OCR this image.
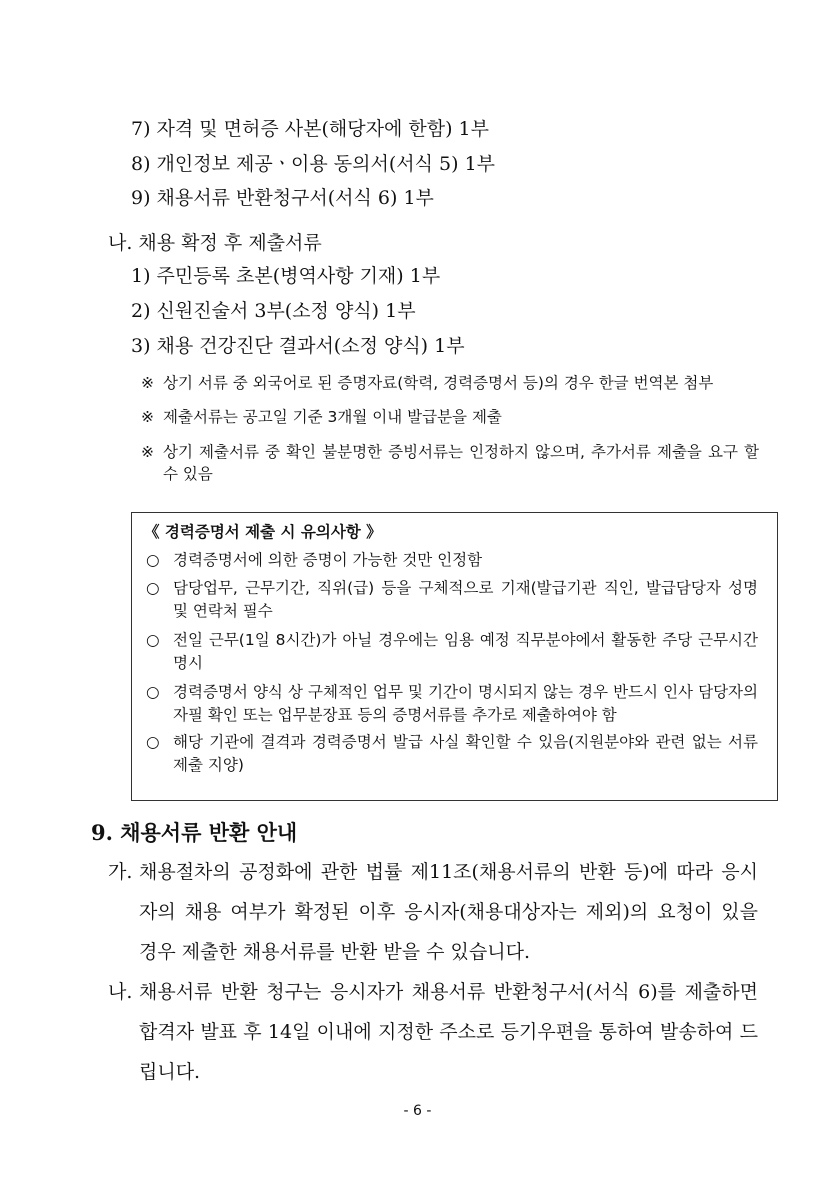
7) 자격 및 면허증 사본(해당자에 한함) 1부
8) 개인정보 제공ㆍ이용 동의서(서식 5) 1부
9) 채용서류 반환청구서(서식 6) 1부
나. 채용 확정 후 제출서류
1) 주민등록 초본(병역사항 기재) 1부
2) 신원진술서 3부(소정 양식) 1부
3) 채용 건강진단 결과서(소정 양식) 1부
※ 상기 서류 중 외국어로 된 증명자료(학력, 경력증명서 등)의 경우 한글 번역본 첨부
※ 제출서류는 공고일 기준 3개월 이내 발급분을 제출
※ 상기 제출서류 중 확인 불분명한 증빙서류는 인정하지 않으며, 추가서류 제출을 요구 할 수 있음
《 경력증명서 제출 시 유의사항 》
○ 경력증명서에 의한 증명이 가능한 것만 인정함
○ 담당업무, 근무기간, 직위(급) 등을 구체적으로 기재(발급기관 직인, 발급담당자 성명 및 연락처 필수
○ 전일 근무(1일 8시간)가 아닐 경우에는 임용 예정 직무분야에서 활동한 주당 근무시간 명시
○ 경력증명서 양식 상 구체적인 업무 및 기간이 명시되지 않는 경우 반드시 인사 담당자의 자필 확인 또는 업무분장표 등의 증명서류를 추가로 제출하여야 함
○ 해당 기관에 결격과 경력증명서 발급 사실 확인할 수 있음(지원분야와 관련 없는 서류 제출 지양)
9. 채용서류 반환 안내
가. 채용절차의 공정화에 관한 법률 제11조(채용서류의 반환 등)에 따라 응시자의 채용 여부가 확정된 이후 응시자(채용대상자는 제외)의 요청이 있을 경우 제출한 채용서류를 반환 받을 수 있습니다.
나. 채용서류 반환 청구는 응시자가 채용서류 반환청구서(서식 6)를 제출하면 합격자 발표 후 14일 이내에 지정한 주소로 등기우편을 통하여 발송하여 드립니다.
- 6 -
